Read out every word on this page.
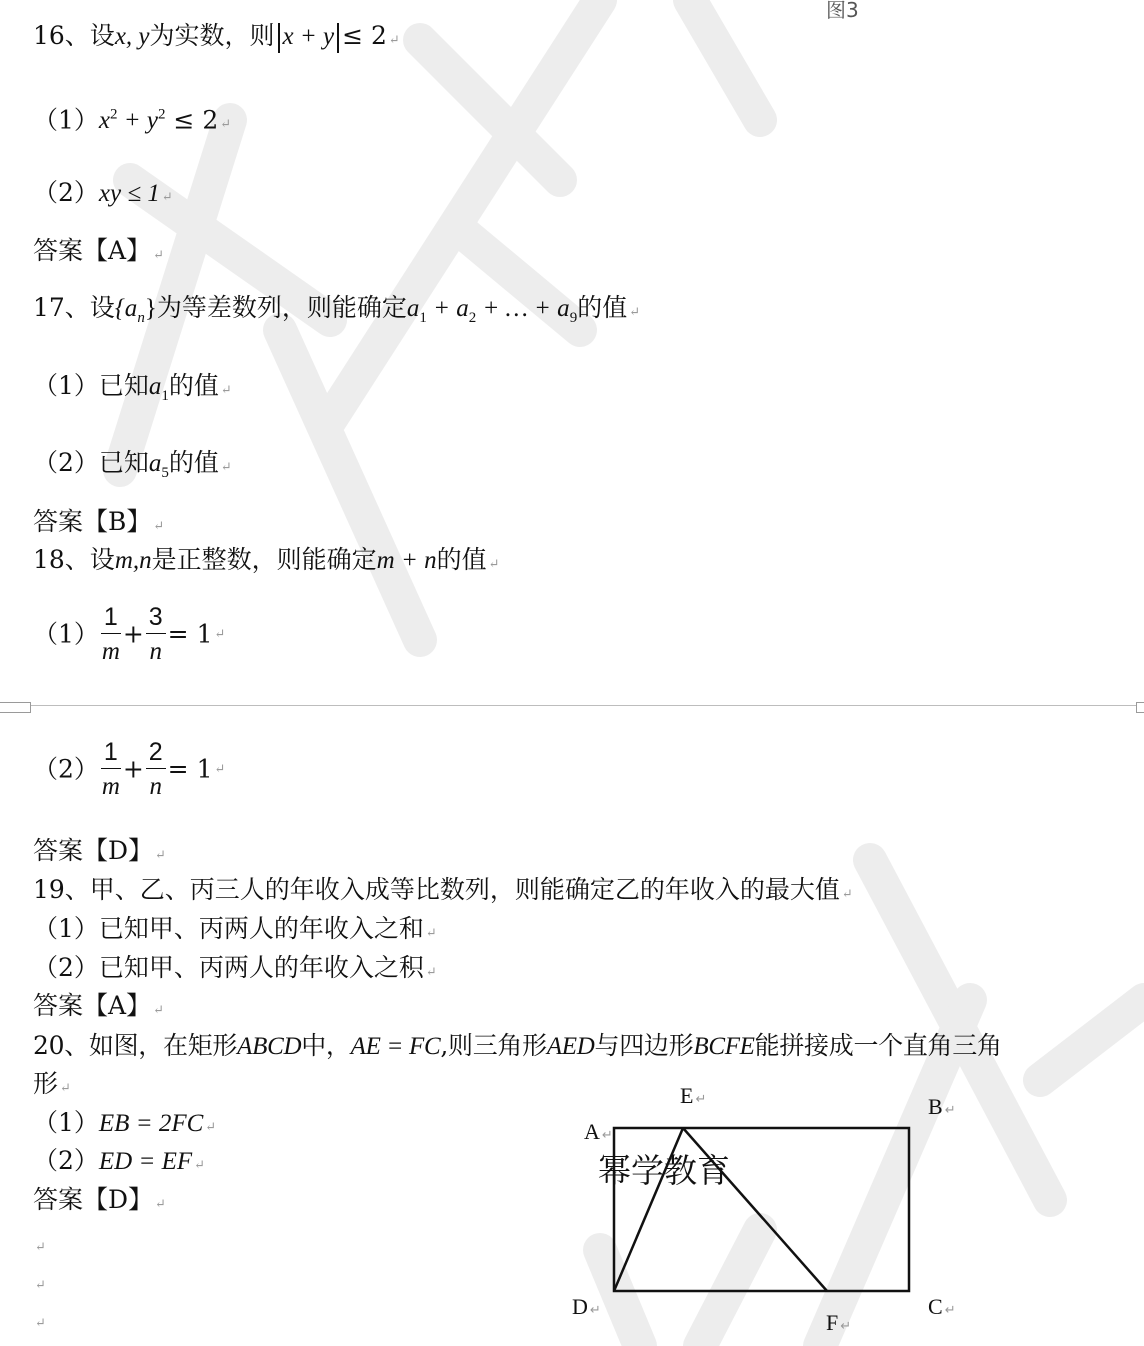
图3
16、设x, y为实数，则 x + y ≤ 2 ↵
$(1)x^2 + y^2 \le 2$ ↵
（2）xy ≤ 1 ↵
答案【A】 ↵
17、设$\{a_n\}$为等差数列，则能确定$a_1 + a_2$ + … + $a_9$的值 ↵
（1）已知$a_1$的值 ↵
（2）已知$a_5$的值 ↵
答案【B】 ↵
18、设m,n是正整数，则能确定m + n的值 ↵
$(1) \frac{1}{m} + \frac{3}{n} = 1$ ↵
$(2) \frac{1}{m} + \frac{2}{n} = 1$ ↵
答案【D】 ↵
19、甲、乙、丙三人的年收入成等比数列，则能确定乙的年收入的最大值 ↵
（1）已知甲、丙两人的年收入之和 ↵
（2）已知甲、丙两人的年收入之积 ↵
答案【A】 ↵
20、如图，在矩形ABCD中，AE = FC,则三角形AED与四边形BCFE能拼接成一个直角三角
形 ↵
（1）EB = 2FC ↵
（2）ED = EF ↵
答案【D】 ↵
↵
↵
↵
E ↵
A ↵
B ↵
D ↵	C ↵
F ↵
幂学教育
